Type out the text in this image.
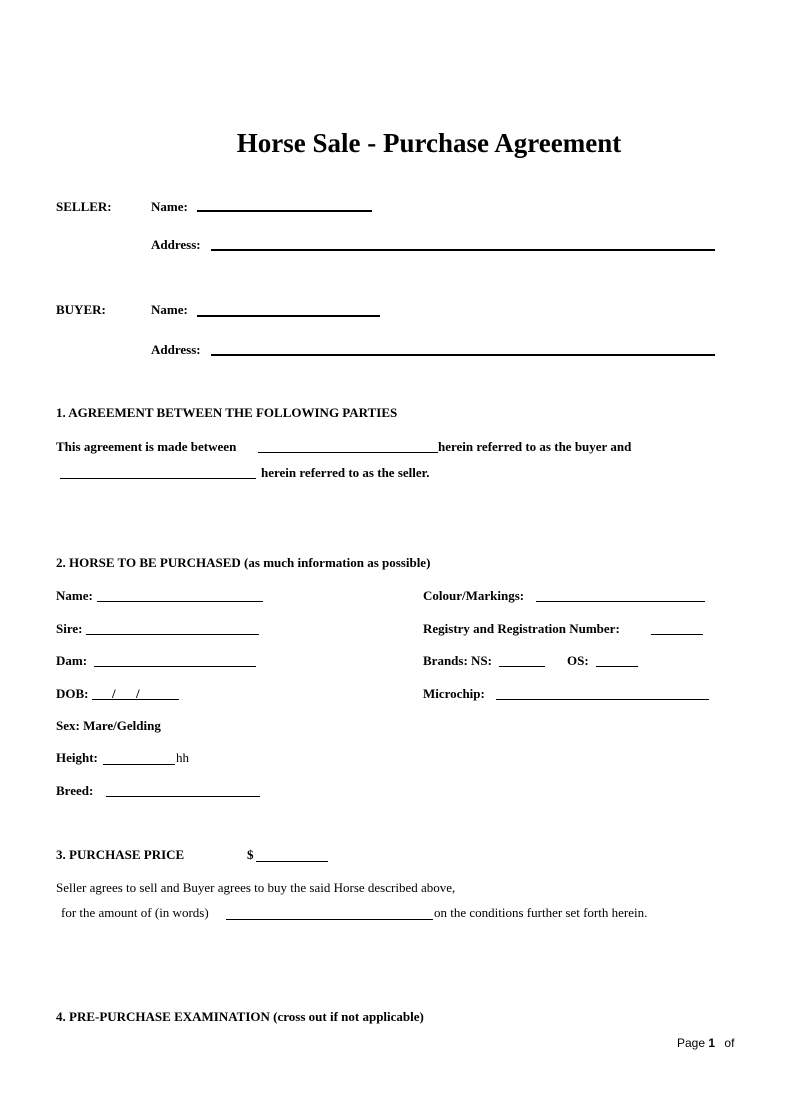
Horse Sale - Purchase Agreement
SELLER:	Name:
Address:
BUYER:	Name:
Address:
1. AGREEMENT BETWEEN THE FOLLOWING PARTIES
This agreement is made between	herein referred to as the buyer and
herein referred to as the seller.
2. HORSE TO BE PURCHASED (as much information as possible)
Name:	Colour/Markings:
Sire:	Registry and Registration Number:
Dam:	Brands: NS:	OS:
DOB: / /	Microchip:
Sex: Mare/Gelding
Height:	hh
Breed:
3. PURCHASE PRICE	$
Seller agrees to sell and Buyer agrees to buy the said Horse described above,
for the amount of (in words)	on the conditions further set forth herein.
4. PRE-PURCHASE EXAMINATION (cross out if not applicable)
Page 1 of
